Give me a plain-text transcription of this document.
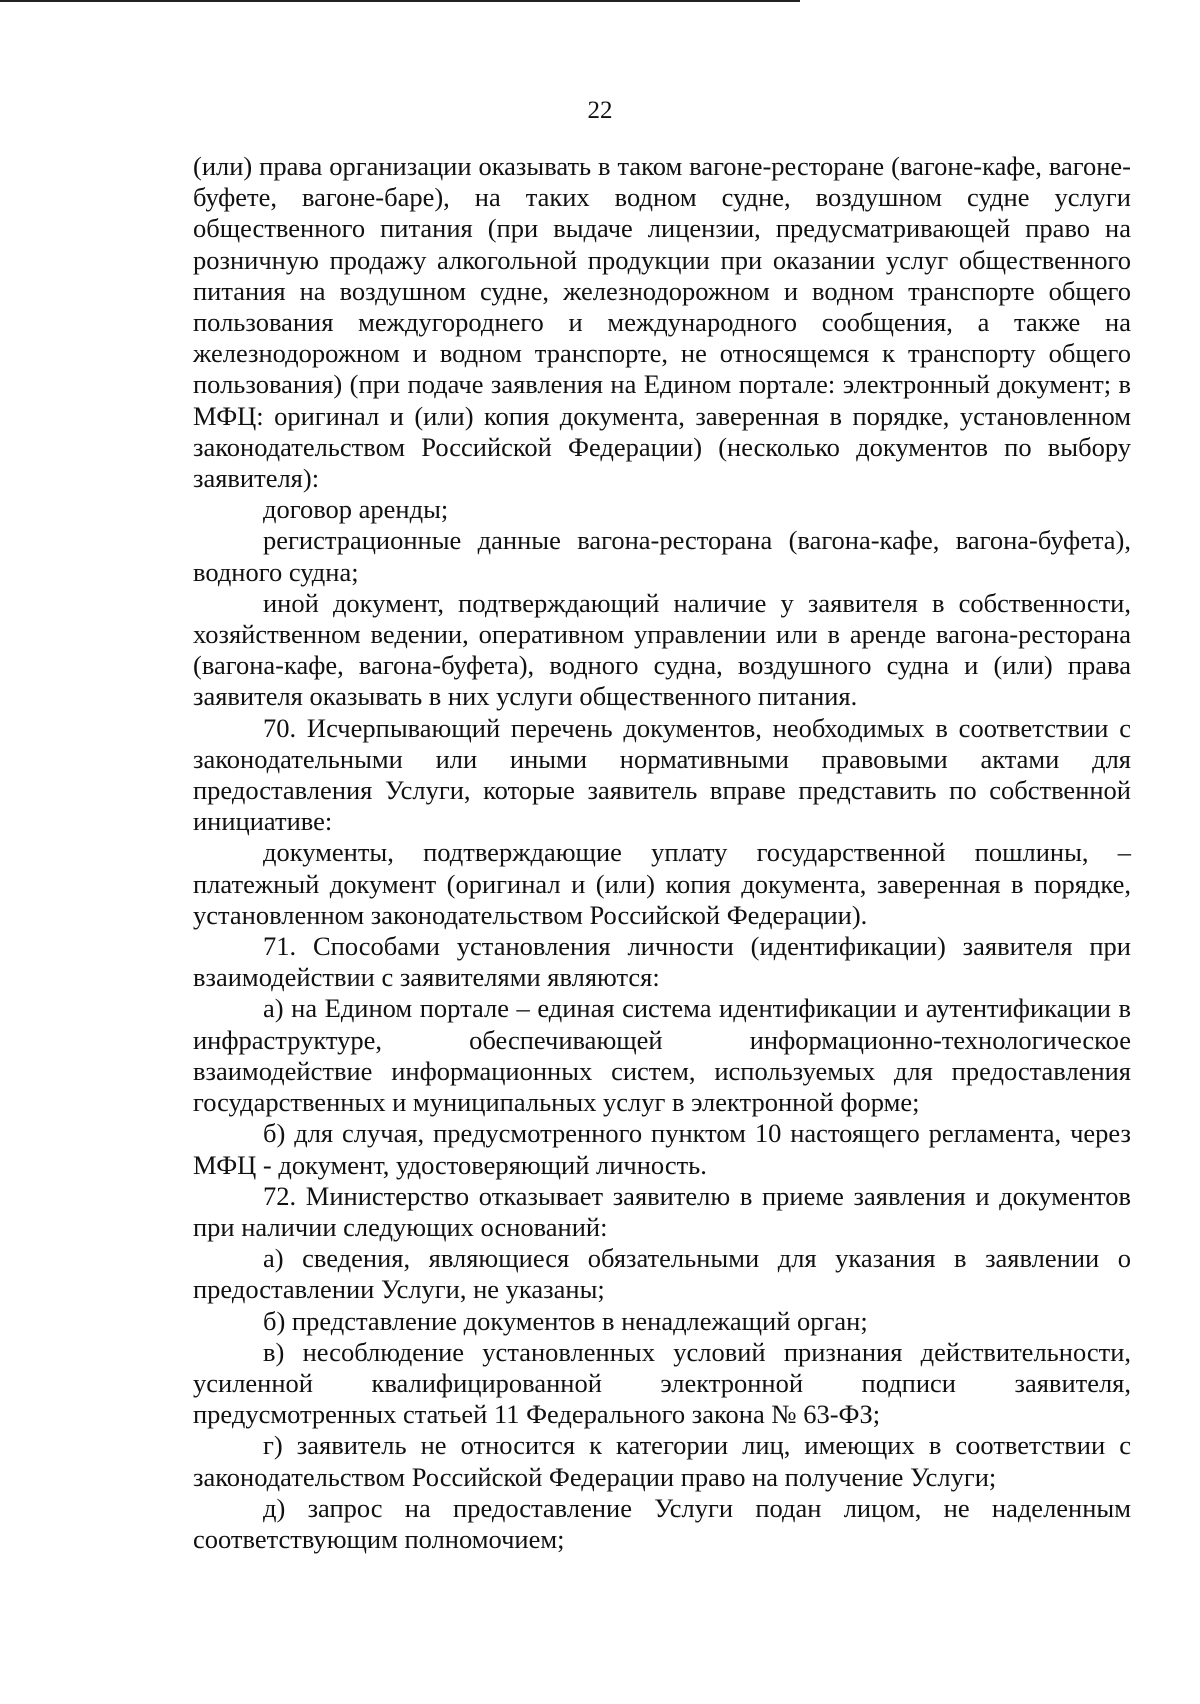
22

(или) права организации оказывать в таком вагоне-ресторане (вагоне-кафе, вагоне-буфете, вагоне-баре), на таких водном судне, воздушном судне услуги общественного питания (при выдаче лицензии, предусматривающей право на розничную продажу алкогольной продукции при оказании услуг общественного питания на воздушном судне, железнодорожном и водном транспорте общего пользования междугороднего и международного сообщения, а также на железнодорожном и водном транспорте, не относящемся к транспорту общего пользования) (при подаче заявления на Едином портале: электронный документ; в МФЦ: оригинал и (или) копия документа, заверенная в порядке, установленном законодательством Российской Федерации) (несколько документов по выбору заявителя):

договор аренды;

регистрационные данные вагона-ресторана (вагона-кафе, вагона-буфета), водного судна;

иной документ, подтверждающий наличие у заявителя в собственности, хозяйственном ведении, оперативном управлении или в аренде вагона-ресторана (вагона-кафе, вагона-буфета), водного судна, воздушного судна и (или) права заявителя оказывать в них услуги общественного питания.

70. Исчерпывающий перечень документов, необходимых в соответствии с законодательными или иными нормативными правовыми актами для предоставления Услуги, которые заявитель вправе представить по собственной инициативе:

документы, подтверждающие уплату государственной пошлины, – платежный документ (оригинал и (или) копия документа, заверенная в порядке, установленном законодательством Российской Федерации).

71. Способами установления личности (идентификации) заявителя при взаимодействии с заявителями являются:

а) на Едином портале – единая система идентификации и аутентификации в инфраструктуре, обеспечивающей информационно-технологическое взаимодействие информационных систем, используемых для предоставления государственных и муниципальных услуг в электронной форме;

б) для случая, предусмотренного пунктом 10 настоящего регламента, через МФЦ - документ, удостоверяющий личность.

72. Министерство отказывает заявителю в приеме заявления и документов при наличии следующих оснований:

а) сведения, являющиеся обязательными для указания в заявлении о предоставлении Услуги, не указаны;

б) представление документов в ненадлежащий орган;

в) несоблюдение установленных условий признания действительности, усиленной квалифицированной электронной подписи заявителя, предусмотренных статьей 11 Федерального закона № 63-ФЗ;

г) заявитель не относится к категории лиц, имеющих в соответствии с законодательством Российской Федерации право на получение Услуги;

д) запрос на предоставление Услуги подан лицом, не наделенным соответствующим полномочием;
